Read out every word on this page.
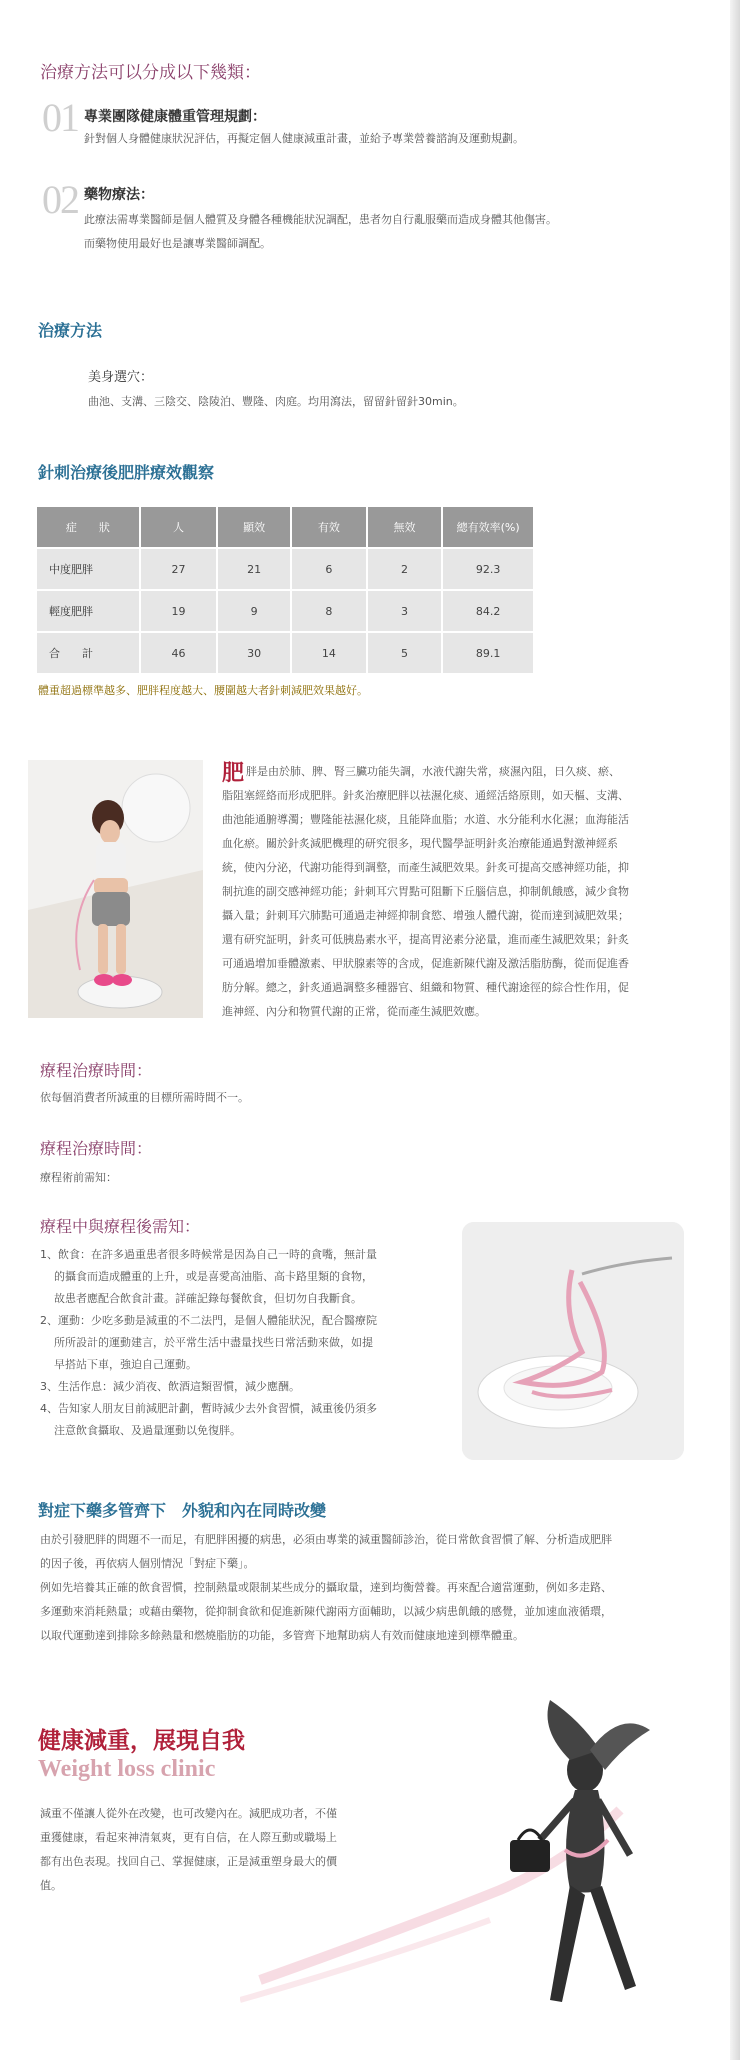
治療方法可以分成以下幾類：
01 專業團隊健康體重管理規劃：
針對個人身體健康狀況評估，再擬定個人健康減重計畫，並給予專業營養諮詢及運動規劃。
02 藥物療法：
此療法需專業醫師是個人體質及身體各種機能狀況調配，患者勿自行亂服藥而造成身體其他傷害。
而藥物使用最好也是讓專業醫師調配。
治療方法
美身選穴：
曲池、支溝、三陰交、陰陵泊、豐隆、肉庭。均用瀉法，留留針留針30min。
針刺治療後肥胖療效觀察
症　　狀	人	顯效	有效	無效	總有效率(%)
中度肥胖	27	21	6	2	92.3
輕度肥胖	19	9	8	3	84.2
合　　計	46	30	14	5	89.1
體重超過標準越多、肥胖程度越大、腰圍越大者針刺減肥效果越好。
肥 胖是由於肺、脾、腎三臟功能失調，水液代謝失常，痰濕內阻，日久痰、瘀、
脂阻塞經絡而形成肥胖。針炙治療肥胖以祛濕化痰、通經活絡原則，如天樞、支溝、
曲池能通腑導濁；豐隆能祛濕化痰，且能降血脂；水道、水分能利水化濕；血海能活
血化瘀。關於針炙減肥機理的研究很多，現代醫學証明針炙治療能通過對激神經系
統，使內分泌，代謝功能得到調整，而產生減肥效果。針炙可提高交感神經功能，抑
制抗進的副交感神經功能；針刺耳穴胃點可阻斷下丘腦信息，抑制飢餓感，減少食物
攝入量；針刺耳穴肺點可通過走神經抑制食慾、增強人體代謝，從而達到減肥效果；
還有研究証明，針炙可低胰島素水平，提高胃泌素分泌量，進而產生減肥效果；針炙
可通過增加垂體激素、甲狀腺素等的含成，促進新陳代謝及激活脂肪酶，從而促進香
肪分解。總之，針炙通過調整多種器官、組織和物質、種代謝途徑的綜合性作用，促
進神經、內分和物質代謝的正常，從而產生減肥效應。
療程治療時間：
依每個消費者所減重的目標所需時間不一。
療程治療時間：
療程術前需知：
療程中與療程後需知：
1、飲食：在許多過重患者很多時候常是因為自己一時的貪嘴，無計量
的攝食而造成體重的上升，或是喜愛高油脂、高卡路里類的食物，
故患者應配合飲食計畫。詳確記錄每餐飲食，但切勿自我斷食。
2、運動：少吃多動是減重的不二法門，是個人體能狀況，配合醫療院
所所設計的運動建言，於平常生活中盡量找些日常活動來做，如提
早搭站下車，強迫自己運動。
3、生活作息：減少消夜、飲酒這類習慣，減少應酬。
4、告知家人朋友目前減肥計劃，暫時減少去外食習慣，減重後仍須多
注意飲食攝取、及過量運動以免復胖。
對症下藥多管齊下　外貌和內在同時改變
由於引發肥胖的問題不一而足，有肥胖困擾的病患，必須由專業的減重醫師診治，從日常飲食習慣了解、分析造成肥胖
的因子後，再依病人個別情況「對症下藥」。
例如先培養其正確的飲食習慣，控制熱量或限制某些成分的攝取量，達到均衡營養。再來配合適當運動，例如多走路、
多運動來消耗熱量；或藉由藥物，從抑制食欲和促進新陳代謝兩方面輔助，以減少病患飢餓的感覺，並加速血液循環，
以取代運動達到排除多餘熱量和燃燒脂肪的功能，多管齊下地幫助病人有效而健康地達到標準體重。
健康減重，展現自我
Weight loss clinic
減重不僅讓人從外在改變，也可改變內在。減肥成功者，不僅
重獲健康，看起來神清氣爽，更有自信，在人際互動或職場上
都有出色表現。找回自己、掌握健康，正是減重塑身最大的價
值。
